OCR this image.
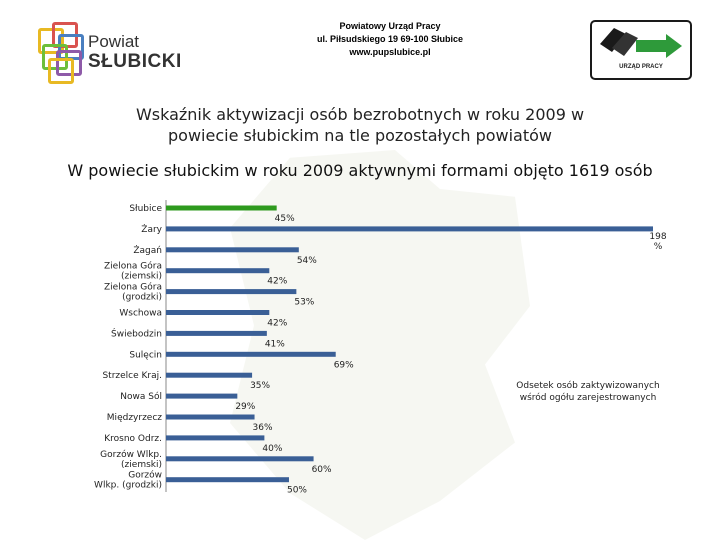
Powiat
SŁUBICKI
Powiatowy Urząd Pracy
ul. Piłsudskiego 19 69-100 Słubice
www.pupslubice.pl
URZĄD PRACY
Wskaźnik aktywizacji osób bezrobotnych w roku 2009 w
powiecie słubickim na tle pozostałych powiatów
W powiecie słubickim w roku 2009 aktywnymi formami objęto 1619 osób
Słubice
45%
Żary
198 %
Żagań
54%
Zielona Góra (ziemski)	42%
Zielona Góra (grodzki)	53%
Wschowa
42%
Świebodzin
41%
Sulęcin
69%
Strzelce Kraj.
35%
Nowa Sól
29%
Międzyrzecz
36%
Krosno Odrz.
40%
Gorzów Wlkp. (ziemski)	60%
Gorzów Wlkp. (grodzki)	50%
Odsetek osób zaktywizowanych
wśród ogółu zarejestrowanych
